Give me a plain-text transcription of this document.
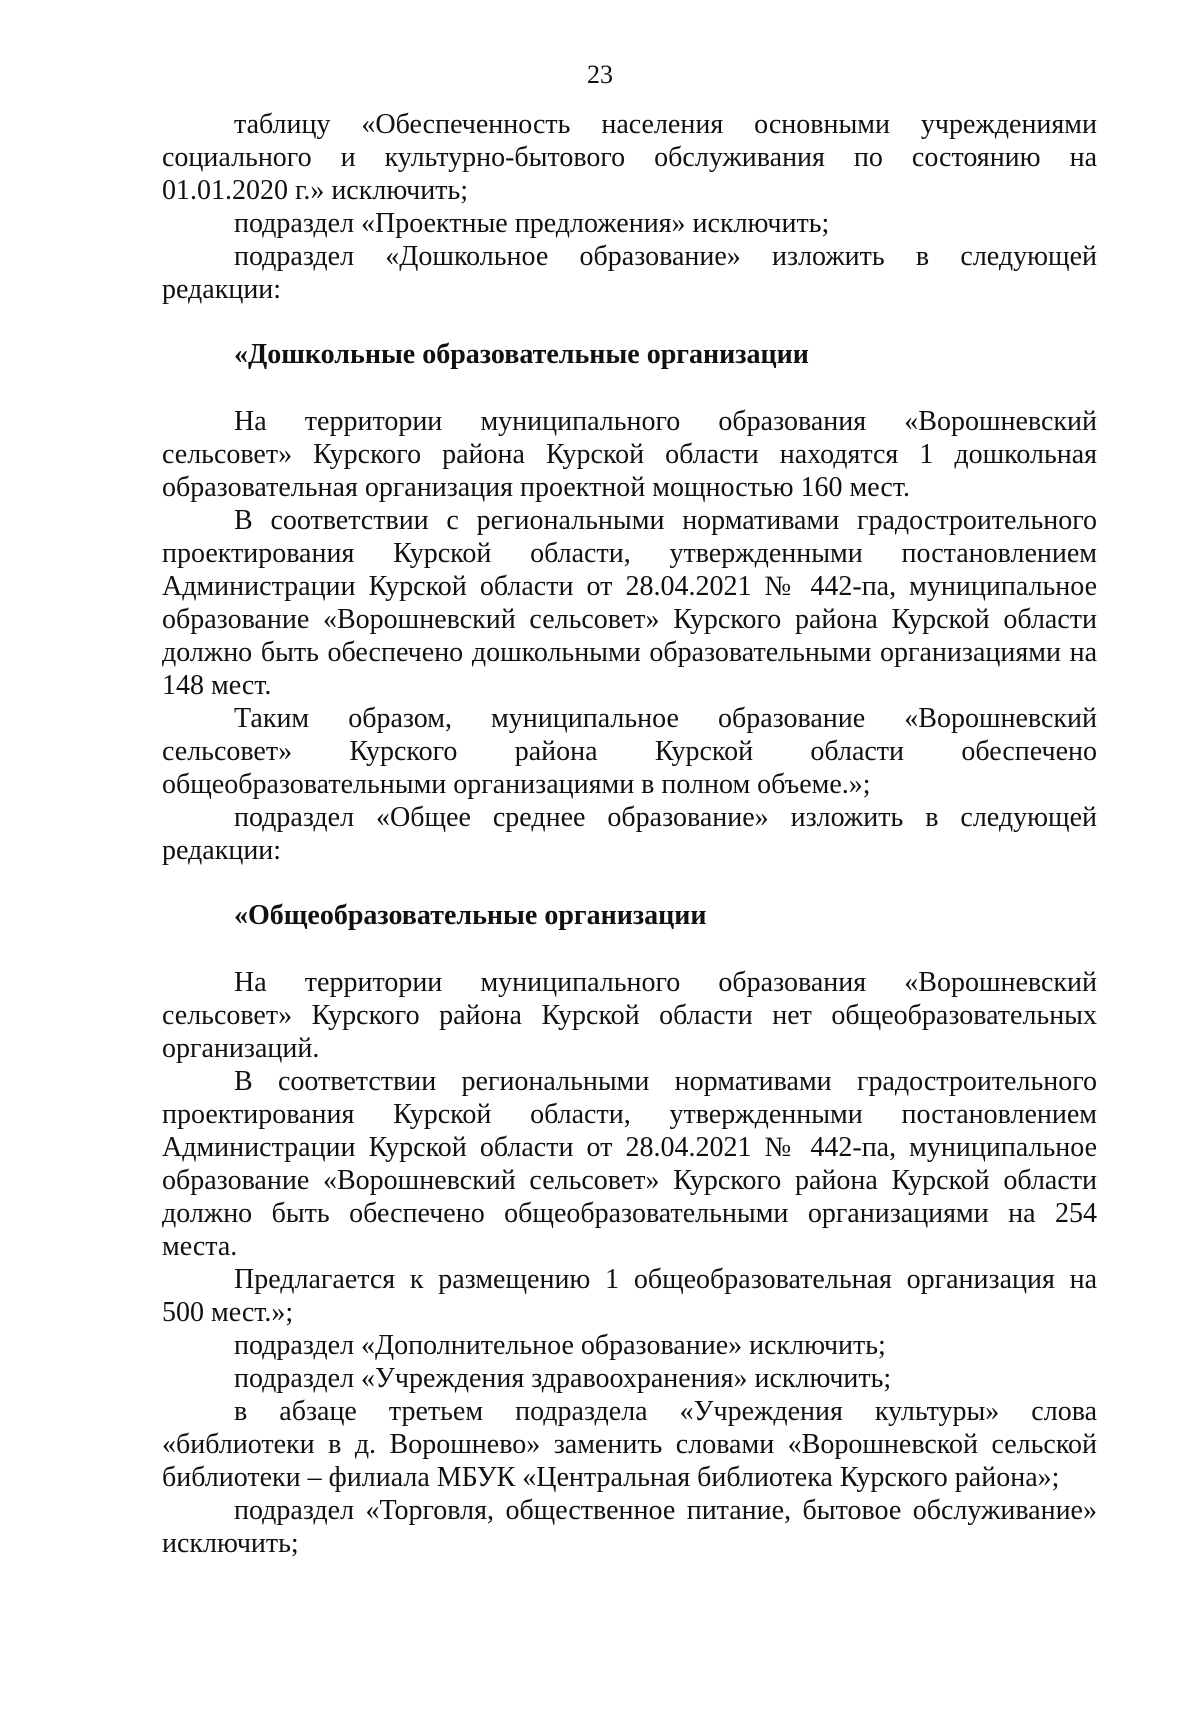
23

таблицу «Обеспеченность населения основными учреждениями социального и культурно-бытового обслуживания по состоянию на 01.01.2020 г.» исключить;

подраздел «Проектные предложения» исключить;

подраздел «Дошкольное образование» изложить в следующей редакции:

«Дошкольные образовательные организации

На территории муниципального образования «Ворошневский сельсовет» Курского района Курской области находятся 1 дошкольная образовательная организация проектной мощностью 160 мест.

В соответствии с региональными нормативами градостроительного проектирования Курской области, утвержденными постановлением Администрации Курской области от 28.04.2021 № 442-па, муниципальное образование «Ворошневский сельсовет» Курского района Курской области должно быть обеспечено дошкольными образовательными организациями на 148 мест.

Таким образом, муниципальное образование «Ворошневский сельсовет» Курского района Курской области обеспечено общеобразовательными организациями в полном объеме.»;

подраздел «Общее среднее образование» изложить в следующей редакции:

«Общеобразовательные организации

На территории муниципального образования «Ворошневский сельсовет» Курского района Курской области нет общеобразовательных организаций.

В соответствии региональными нормативами градостроительного проектирования Курской области, утвержденными постановлением Администрации Курской области от 28.04.2021 № 442-па, муниципальное образование «Ворошневский сельсовет» Курского района Курской области должно быть обеспечено общеобразовательными организациями на 254 места.

Предлагается к размещению 1 общеобразовательная организация на 500 мест.»;

подраздел «Дополнительное образование» исключить;

подраздел «Учреждения здравоохранения» исключить;

в абзаце третьем подраздела «Учреждения культуры» слова «библиотеки в д. Ворошнево» заменить словами «Ворошневской сельской библиотеки – филиала МБУК «Центральная библиотека Курского района»;

подраздел «Торговля, общественное питание, бытовое обслуживание» исключить;
